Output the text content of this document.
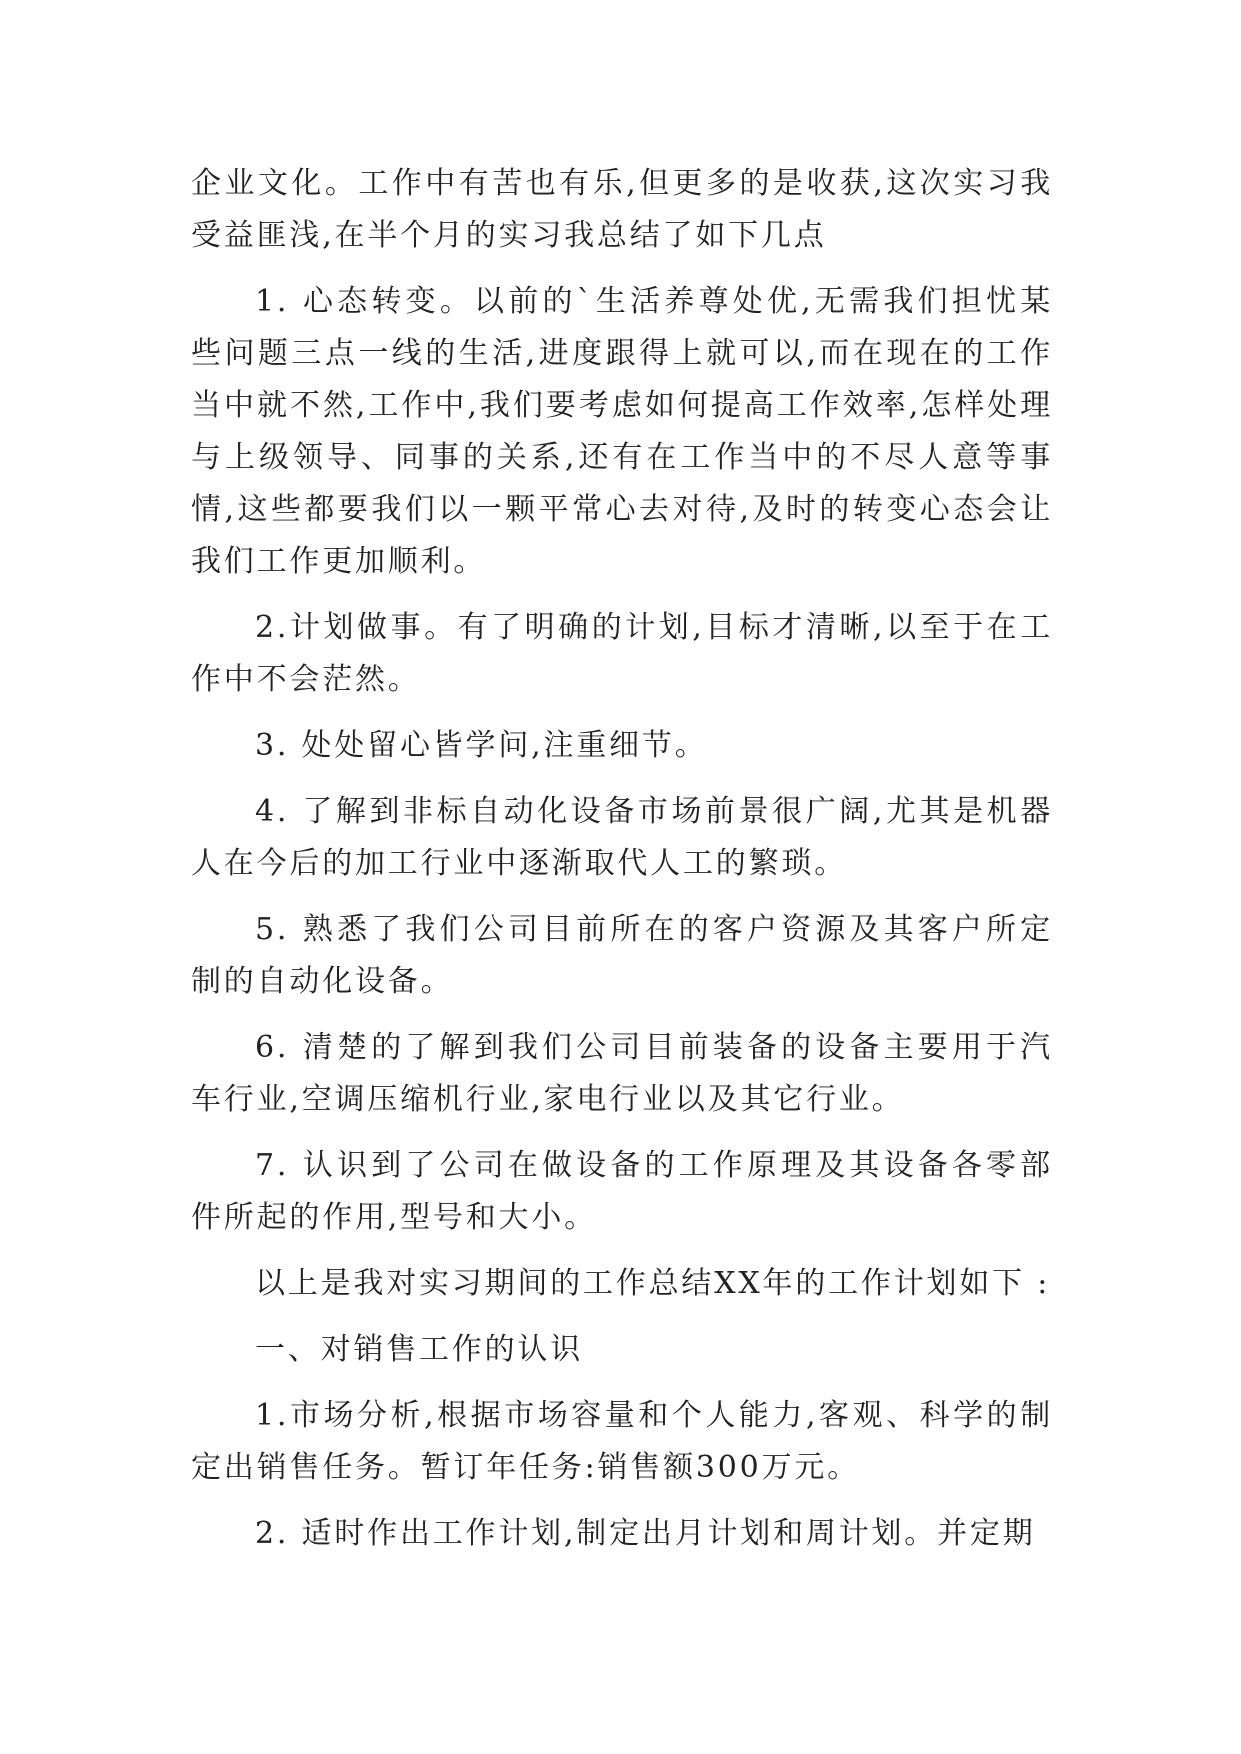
企业文化。工作中有苦也有乐,但更多的是收获,这次实习我受益匪浅,在半个月的实习我总结了如下几点

1. 心态转变。以前的`生活养尊处优,无需我们担忧某些问题三点一线的生活,进度跟得上就可以,而在现在的工作当中就不然,工作中,我们要考虑如何提高工作效率,怎样处理与上级领导、同事的关系,还有在工作当中的不尽人意等事情,这些都要我们以一颗平常心去对待,及时的转变心态会让我们工作更加顺利。

2.计划做事。有了明确的计划,目标才清晰,以至于在工作中不会茫然。

3. 处处留心皆学问,注重细节。

4. 了解到非标自动化设备市场前景很广阔,尤其是机器人在今后的加工行业中逐渐取代人工的繁琐。

5. 熟悉了我们公司目前所在的客户资源及其客户所定制的自动化设备。

6. 清楚的了解到我们公司目前装备的设备主要用于汽车行业,空调压缩机行业,家电行业以及其它行业。

7. 认识到了公司在做设备的工作原理及其设备各零部件所起的作用,型号和大小。

以上是我对实习期间的工作总结XX年的工作计划如下 :

一、对销售工作的认识

1.市场分析,根据市场容量和个人能力,客观、科学的制定出销售任务。暂订年任务:销售额300万元。

2. 适时作出工作计划,制定出月计划和周计划。并定期
